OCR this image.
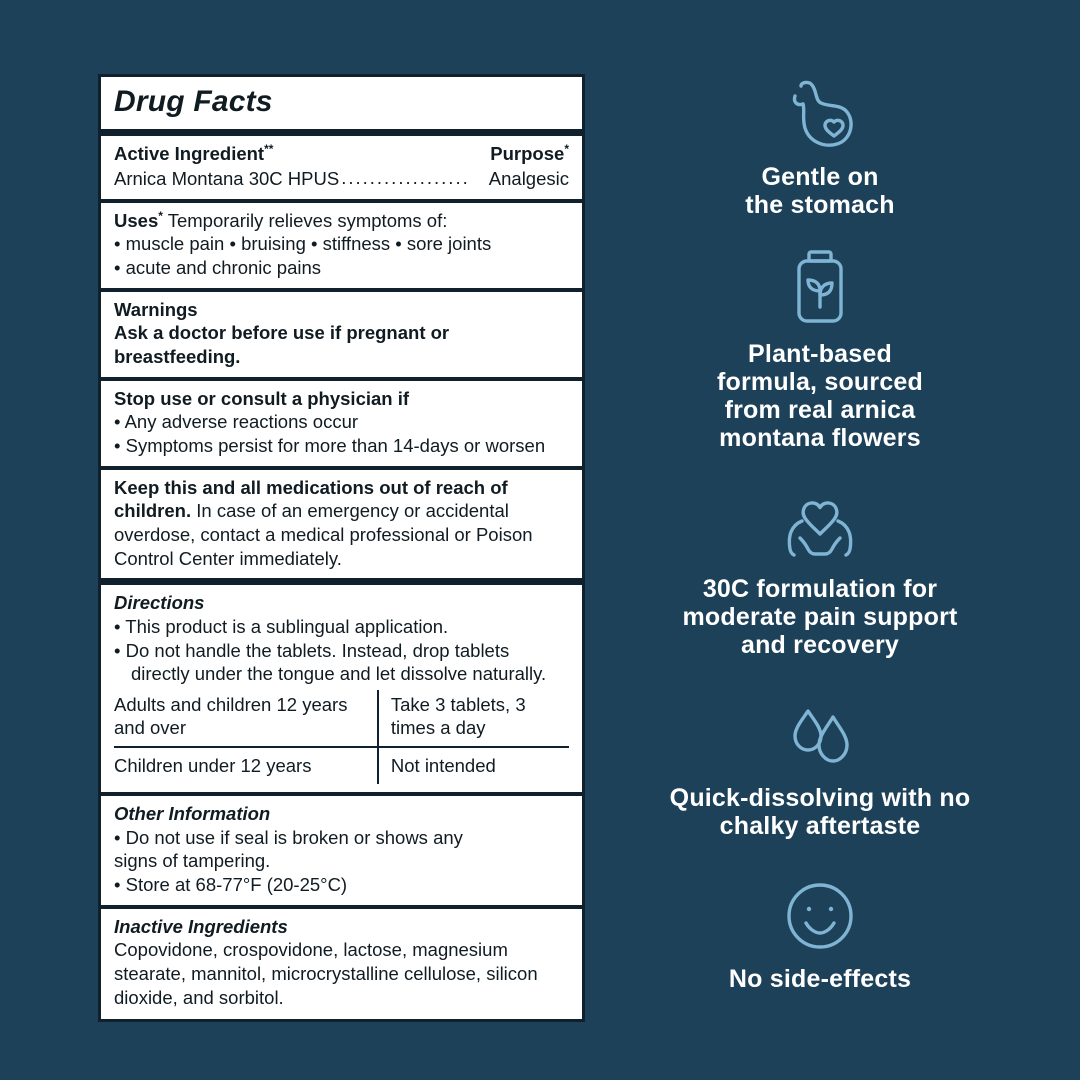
Drug Facts
Active Ingredient**	Purpose*
Arnica Montana 30C HPUS ..................	Analgesic
Uses* Temporarily relieves symptoms of:
• muscle pain • bruising • stiffness • sore joints
• acute and chronic pains
Warnings
Ask a doctor before use if pregnant or breastfeeding.
Stop use or consult a physician if
• Any adverse reactions occur
• Symptoms persist for more than 14-days or worsen
Keep this and all medications out of reach of children. In case of an emergency or accidental overdose, contact a medical professional or Poison Control Center immediately.
Directions
• This product is a sublingual application.
• Do not handle the tablets. Instead, drop tablets
directly under the tongue and let dissolve naturally.
Adults and children 12 years and over	Take 3 tablets, 3 times a day
Children under 12 years	Not intended
Other Information
• Do not use if seal is broken or shows any
signs of tampering.
• Store at 68-77°F (20-25°C)
Inactive Ingredients
Copovidone, crospovidone, lactose, magnesium stearate, mannitol, microcrystalline cellulose, silicon dioxide, and sorbitol.
Gentle on
the stomach
Plant-based
formula, sourced
from real arnica
montana flowers
30C formulation for
moderate pain support
and recovery
Quick-dissolving with no
chalky aftertaste
No side-effects
